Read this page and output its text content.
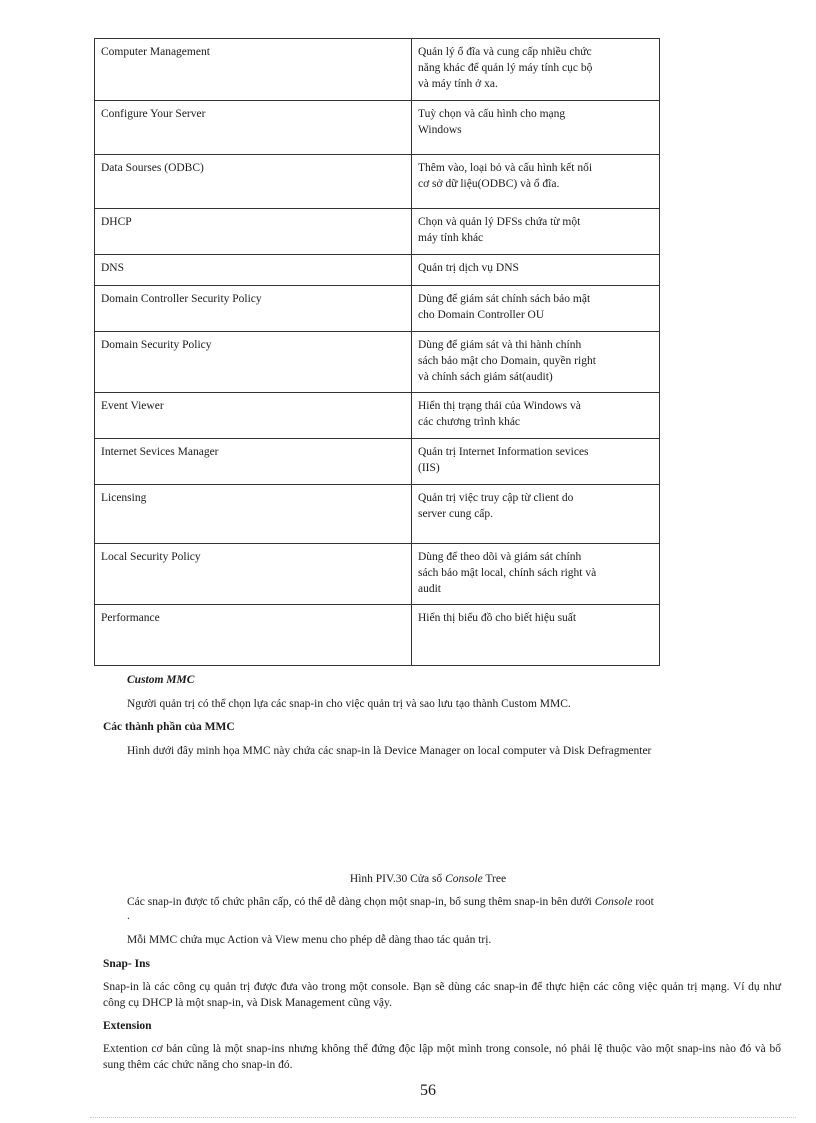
Computer Management	Quản lý ổ đĩa và cung cấp nhiều chức
năng khác để quản lý máy tính cục bộ
và máy tính ở xa.
Configure Your Server	Tuỳ chọn và cấu hình cho mạng
Windows
Data Sourses (ODBC)	Thêm vào, loại bỏ và cấu hình kết nối
cơ sở dữ liệu(ODBC) và ổ đĩa.
DHCP	Chọn và quản lý DFSs chứa từ một
máy tính khác
DNS	Quản trị dịch vụ DNS
Domain Controller Security Policy	Dùng để giám sát chính sách bảo mật
cho Domain Controller OU
Domain Security Policy	Dùng để giám sát và thi hành chính
sách bảo mật cho Domain, quyền right
và chính sách giám sát(audit)
Event Viewer	Hiển thị trạng thái của Windows và
các chương trình khác
Internet Sevices Manager	Quản trị Internet Information sevices
(IIS)
Licensing	Quản trị việc truy cập từ client do
server cung cấp.
Local Security Policy	Dùng để theo dõi và giám sát chính
sách bảo mật local, chính sách right và
audit
Performance	Hiển thị biểu đồ cho biết hiệu suất

Custom MMC

Người quản trị có thể chọn lựa các snap-in cho việc quản trị và sao lưu tạo thành Custom MMC.

Các thành phần của MMC

Hình dưới đây minh họa MMC này chứa các snap-in là Device Manager on local computer và Disk Defragmenter

Hình PIV.30 Cửa sổ Console Tree

Các snap-in được tổ chức phân cấp, có thể dễ dàng chọn một snap-in, bổ sung thêm snap-in bên dưới Console root

.

Mỗi MMC chứa mục Action và View menu cho phép dễ dàng thao tác quản trị.

Snap- Ins

Snap-in là các công cụ quản trị được đưa vào trong một console. Bạn sẽ dùng các snap-in để thực hiện các công việc quản trị mạng. Ví dụ như công cụ DHCP là một snap-in, và Disk Management cũng vậy.

Extension

Extention cơ bản cũng là một snap-ins nhưng không thể đứng độc lập một mình trong console, nó phải lệ thuộc vào một snap-ins nào đó và bổ sung thêm các chức năng cho snap-in đó.

56
